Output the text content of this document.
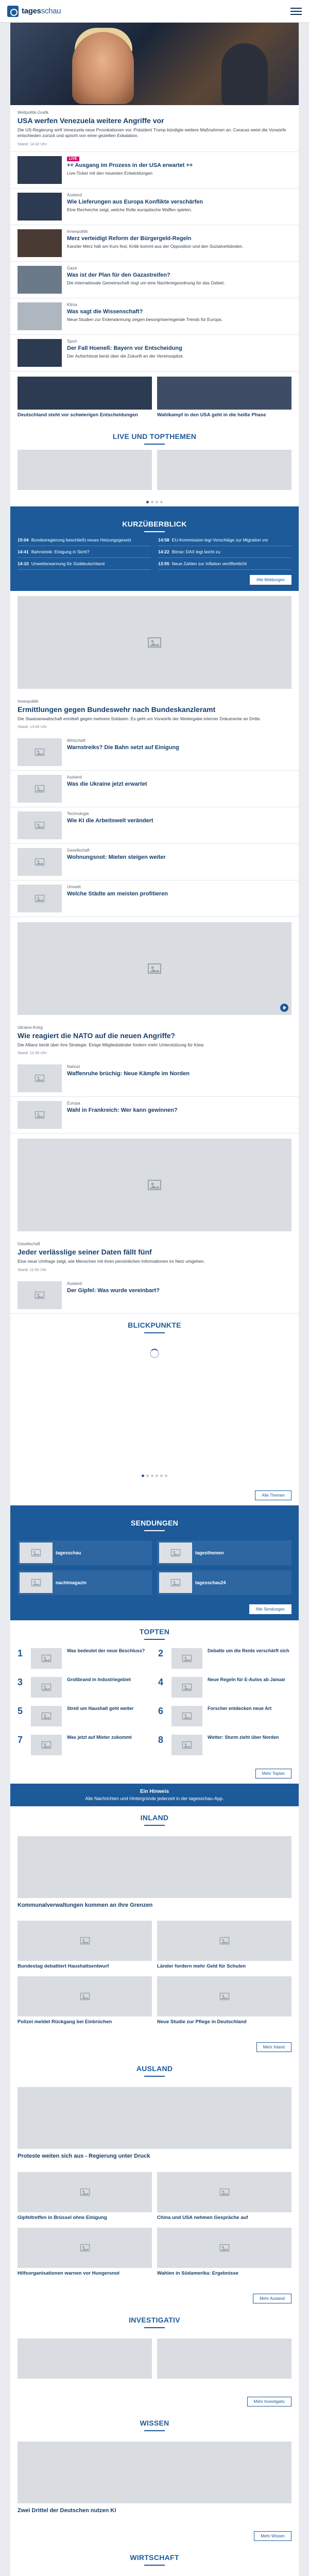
tagesschau
Weltpolitik-Grafik
USA werfen Venezuela weitere Angriffe vor

Die US-Regierung wirft Venezuela neue Provokationen vor. Präsident Trump kündigte weitere Maßnahmen an. Caracas weist die Vorwürfe entschieden zurück und spricht von einer gezielten Eskalation.

Stand: 14:32 Uhr
LIVE
++ Ausgang im Prozess in der USA erwartet ++
Live-Ticker mit den neuesten Entwicklungen
Ausland
Wie Lieferungen aus Europa Konflikte verschärfen
Eine Recherche zeigt, welche Rolle europäische Waffen spielen.
Innenpolitik
Merz verteidigt Reform der Bürgergeld-Regeln
Kanzler Merz hält am Kurs fest, Kritik kommt aus der Opposition und den Sozialverbänden.
Gaza
Was ist der Plan für den Gazastreifen?
Die internationale Gemeinschaft ringt um eine Nachkriegsordnung für das Gebiet.
Klima
Was sagt die Wissenschaft?
Neue Studien zur Erderwärmung zeigen besorgniserregende Trends für Europa.
Sport
Der Fall Hoeneß: Bayern vor Entscheidung
Der Aufsichtsrat berät über die Zukunft an der Vereinsspitze.
Deutschland steht vor schwierigen Entscheidungen	Wahlkampf in den USA geht in die heiße Phase
LIVE UND TOPTHEMEN
KURZÜBERBLICK
15:04 Bundesregierung beschließt neues Heizungsgesetz	14:58 EU-Kommission legt Vorschläge zur Migration vor
14:41 Bahnstreik: Einigung in Sicht?	14:22 Börse: DAX legt leicht zu
14:10 Unwetterwarnung für Süddeutschland	13:55 Neue Zahlen zur Inflation veröffentlicht
Alle Meldungen
Innenpolitik
Ermittlungen gegen Bundeswehr nach Bundeskanzleramt

Die Staatsanwaltschaft ermittelt gegen mehrere Soldaten. Es geht um Vorwürfe der Weitergabe interner Dokumente an Dritte.

Stand: 13:45 Uhr
Wirtschaft
Warnstreiks? Die Bahn setzt auf Einigung
Ausland
Was die Ukraine jetzt erwartet
Technologie
Wie KI die Arbeitswelt verändert
Gesellschaft
Wohnungsnot: Mieten steigen weiter
Umwelt
Welche Städte am meisten profitieren
Ukraine-Krieg
Wie reagiert die NATO auf die neuen Angriffe?

Die Allianz berät über ihre Strategie. Einige Mitgliedsländer fordern mehr Unterstützung für Kiew.

Stand: 12:30 Uhr
Nahost
Waffenruhe brüchig: Neue Kämpfe im Norden
Europa
Wahl in Frankreich: Wer kann gewinnen?
Gesellschaft
Jeder verlässlige seiner Daten fällt fünf

Eine neue Umfrage zeigt, wie Menschen mit ihren persönlichen Informationen im Netz umgehen.

Stand: 11:50 Uhr
Ausland
Der Gipfel: Was wurde vereinbart?
BLICKPUNKTE
Alle Themen
SENDUNGEN
tagesschau	tagesthemen
nachtmagazin	tagesschau24
Alle Sendungen
TOPTEN
1	Was bedeutet der neue Beschluss? 2	Debatte um die Rente verschärft sich
3	Großbrand in Industriegebiet	4	Neue Regeln für E-Autos ab Januar
5	Streit um Haushalt geht weiter	6	Forscher entdecken neue Art
7	Was jetzt auf Mieter zukommt	8	Wetter: Sturm zieht über Norden
Mehr Topten
Ein Hinweis
Alle Nachrichten und Hintergründe jederzeit in der tagesschau-App.
INLAND
Kommunalverwaltungen kommen an ihre Grenzen
Bundestag debattiert Haushaltsentwurf	Länder fordern mehr Geld für Schulen
Polizei meldet Rückgang bei Einbrüchen	Neue Studie zur Pflege in Deutschland
Mehr Inland
AUSLAND
Proteste weiten sich aus - Regierung unter Druck
Gipfeltreffen in Brüssel ohne Einigung	China und USA nehmen Gespräche auf
Hilfsorganisationen warnen vor Hungersnot	Wahlen in Südamerika: Ergebnisse
Mehr Ausland
INVESTIGATIV
Mehr Investigativ
WISSEN
Zwei Drittel der Deutschen nutzen KI
Mehr Wissen
WIRTSCHAFT
